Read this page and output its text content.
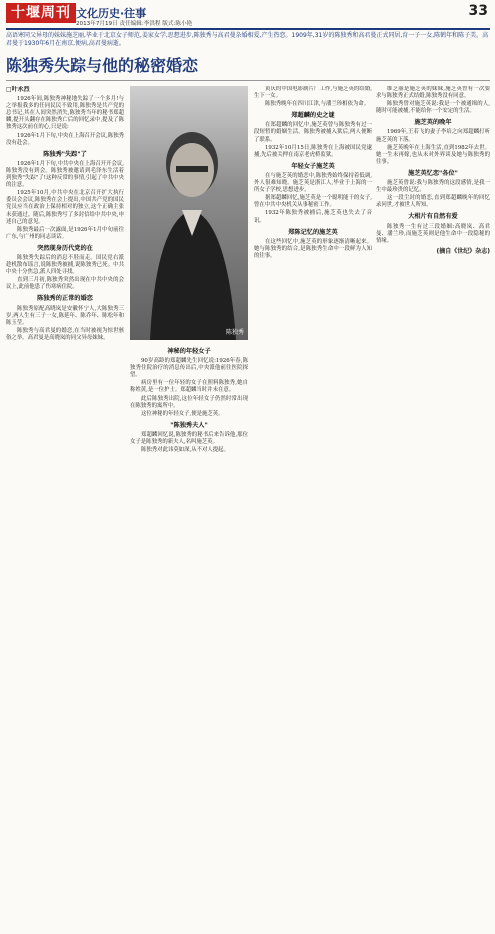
十堰周刊 文化历史·往事
2013年7月19日 责任编辑:李洪程 版式:陈小艳
33
高语寒同父异母的妹妹施芝丽,毕业于北京女子师范,姜家女学,思想进步,陈独秀与高君曼杂婚相爱,产生热恋。1909年,31岁的陈独秀和高君曼正式同居,育一子一女,陈鹤年和陈子美。高君曼于1930年6月在南京,便病,高君曼病逝。
陈独秀失踪与他的秘密婚恋
□叶永烈

1926年间,陈独秀神秘地失踪了一个多月!与之举报我多的任同民民不致用,陈独秀是共产党的总书记,其在人间突然消失,陈独秀当年的秘书郑超麟,提开头翻存在陈独秀亡后的回忆录中,提及了陈独秀这次前在的心,只是说:

1926年1月下旬,中央在上海召开会议,陈独秀没有赴会。

陈独秀"失踪"了

1926年1月下旬,中共中央在上海召开开会议,陈独秀没有到会。陈独秀被邀请到毛泽东生活着到独秀"失踪"了!这种反常的事情,引起了中共中央的注意。

1925年10月,中共中央在北京召开扩大执行委员会会议,陈独秀在会上提出,中国共产党的国民党员应当在政治上保持相对的独立,这个正确主张未获通过。随后,陈独秀写了多封信给中共中央,申述自己的意见。

陈独秀最后一次露面,是1926年1月中旬前往广东,与广州的同志谈话。

突然现身历代党的在

陈独秀失踪后的消息不胫而走。国民党右派趁机散布谣言,说陈独秀被捕,说陈独秀已死。中共中央十分焦急,派人四处寻找。

直到三月初,陈独秀突然出现在中共中央的会议上,此前他患了伤寒病住院。

陈独秀的正常的婚恋

陈独秀原配高晓岚是安徽怀宁人,大陈独秀三岁,两人生有三子一女,陈延年、陈乔年、陈松年和陈玉莹。

陈独秀与高君曼的婚恋,在当时被视为惊世骇俗之举。高君曼是高晓岚的同父异母妹妹。

陈独秀
神秘的年轻女子

90岁高龄的郑超麟先生回忆说:1926年春,陈独秀住院治疗的消息传出后,中央派他前往医院探望。

病房里有一位年轻的女子在照料陈独秀,她自称姓黄,是一位护士。郑超麟当时并未在意。

此后陈独秀出院,这位年轻女子仍然时常出现在陈独秀的寓所中。

这位神秘的年轻女子,便是施芝英。

"陈独秀夫人"

郑超麟回忆说,陈独秀的秘书后来告诉他,那位女子是陈独秀的新夫人,名叫施芝英。

陈独秀对此讳莫如深,从不对人提起。

黄庆的中国电影制片厂工作,与施芝英的结婚,生下一女。

陈独秀晚年在四川江津,与潘兰珍相依为命。

郑超麟的史之谜

在郑超麟的回忆中,施芝英曾与陈独秀有过一段短暂的婚姻生活。陈独秀被捕入狱后,两人便断了联系。

1932年10月15日,陈独秀在上海被国民党逮捕,先后被关押在南京老虎桥监狱。

年轻女子施芝英

在与施芝英的婚恋中,陈独秀始终保持着低调,外人很难知晓。施芝英是浙江人,毕业于上海的一所女子学校,思想进步。

据郑超麟回忆,施芝英是一个聪明能干的女子,曾在中共中央机关从事秘密工作。

1932年陈独秀被捕后,施芝英也失去了音讯。

郑陈记忆的施芝英

在这些回忆中,施芝英的形象逐渐清晰起来。她与陈独秀的结合,是陈独秀生命中一段鲜为人知的往事。

维芝丽是施芝英的妹妹,施芝英曾有一次要求与陈独秀正式结婚,陈独秀没有同意。

陈独秀曾对施芝英说:我是一个被通缉的人,随时可能被捕,不能给你一个安定的生活。

施芝英的晚年

1969年,王若飞的妻子李培之向郑超麟打听施芝英的下落。

施芝英晚年在上海生活,直到1982年去世。她一生未再嫁,也从未对外界谈及她与陈独秀的往事。

施芝英忆恋"各位"

施芝英曾说:我与陈独秀的这段感情,是我一生中最珍贵的记忆。

这一段尘封的婚恋,直到郑超麟晚年的回忆录问世,才被世人所知。

大相片有自然有爱

陈独秀一生有过三段婚姻:高晓岚、高君曼、潘兰珍,而施芝英则是他生命中一段隐秘的情缘。

(摘自《世纪》杂志)
